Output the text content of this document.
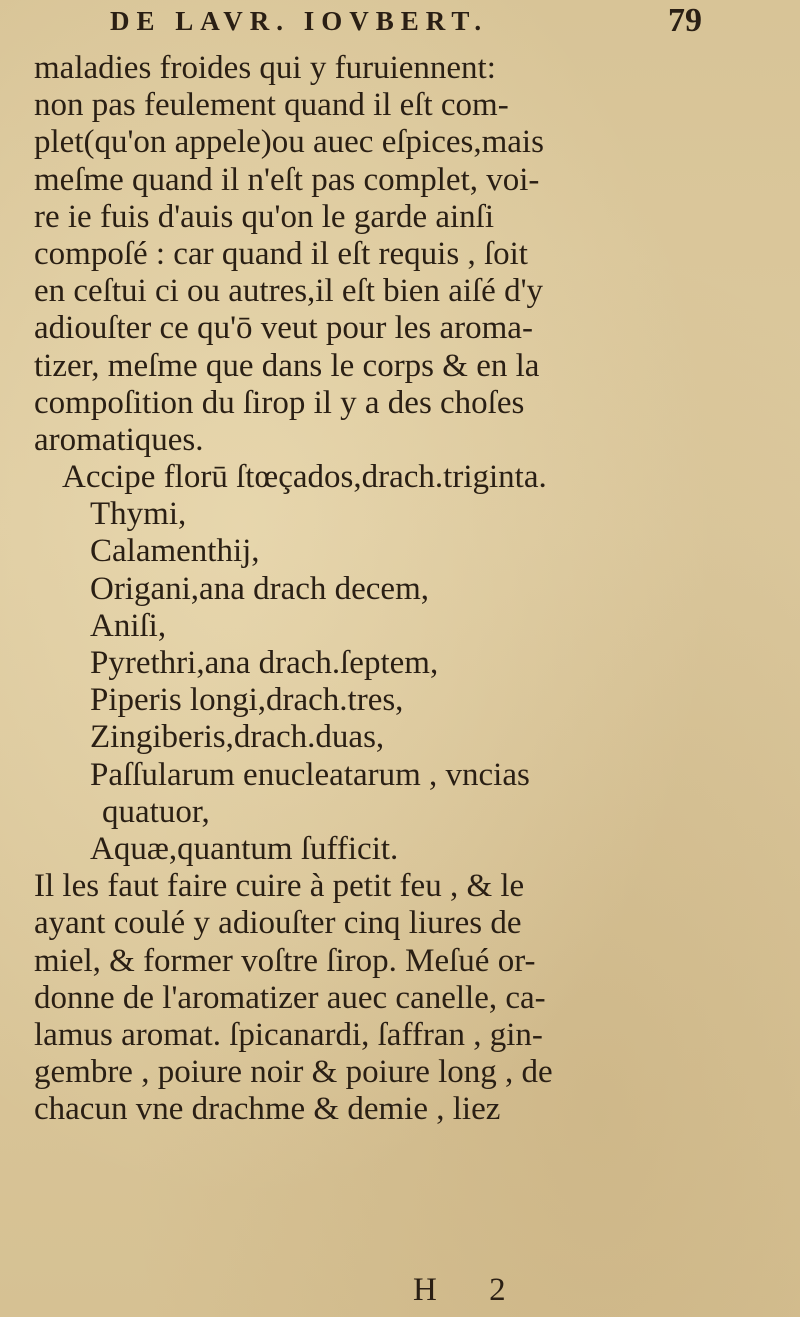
DE LAVR. IOVBERT.	79
maladies froides qui y furuiennent:
non pas feulement quand il eſt com-
plet(qu'on appele)ou auec eſpices,mais
meſme quand il n'eſt pas complet, voi-
re ie fuis d'auis qu'on le garde ainſi
compoſé : car quand il eſt requis , ſoit
en ceſtui ci ou autres,il eſt bien aiſé d'y
adiouſter ce qu'ō veut pour les aroma-
tizer, meſme que dans le corps & en la
compoſition du ſirop il y a des choſes
aromatiques.
Accipe florū ſtœçados,drach.triginta.
Thymi,
Calamenthij,
Origani,ana drach decem,
Aniſi,
Pyrethri,ana drach.ſeptem,
Piperis longi,drach.tres,
Zingiberis,drach.duas,
Paſſularum enucleatarum , vncias
quatuor,
Aquæ,quantum ſufficit.
Il les faut faire cuire à petit feu , & le
ayant coulé y adiouſter cinq liures de
miel, & former voſtre ſirop. Meſué or-
donne de l'aromatizer auec canelle, ca-
lamus aromat. ſpicanardi, ſaffran , gin-
gembre , poiure noir & poiure long , de
chacun vne drachme & demie , liez
H 2
